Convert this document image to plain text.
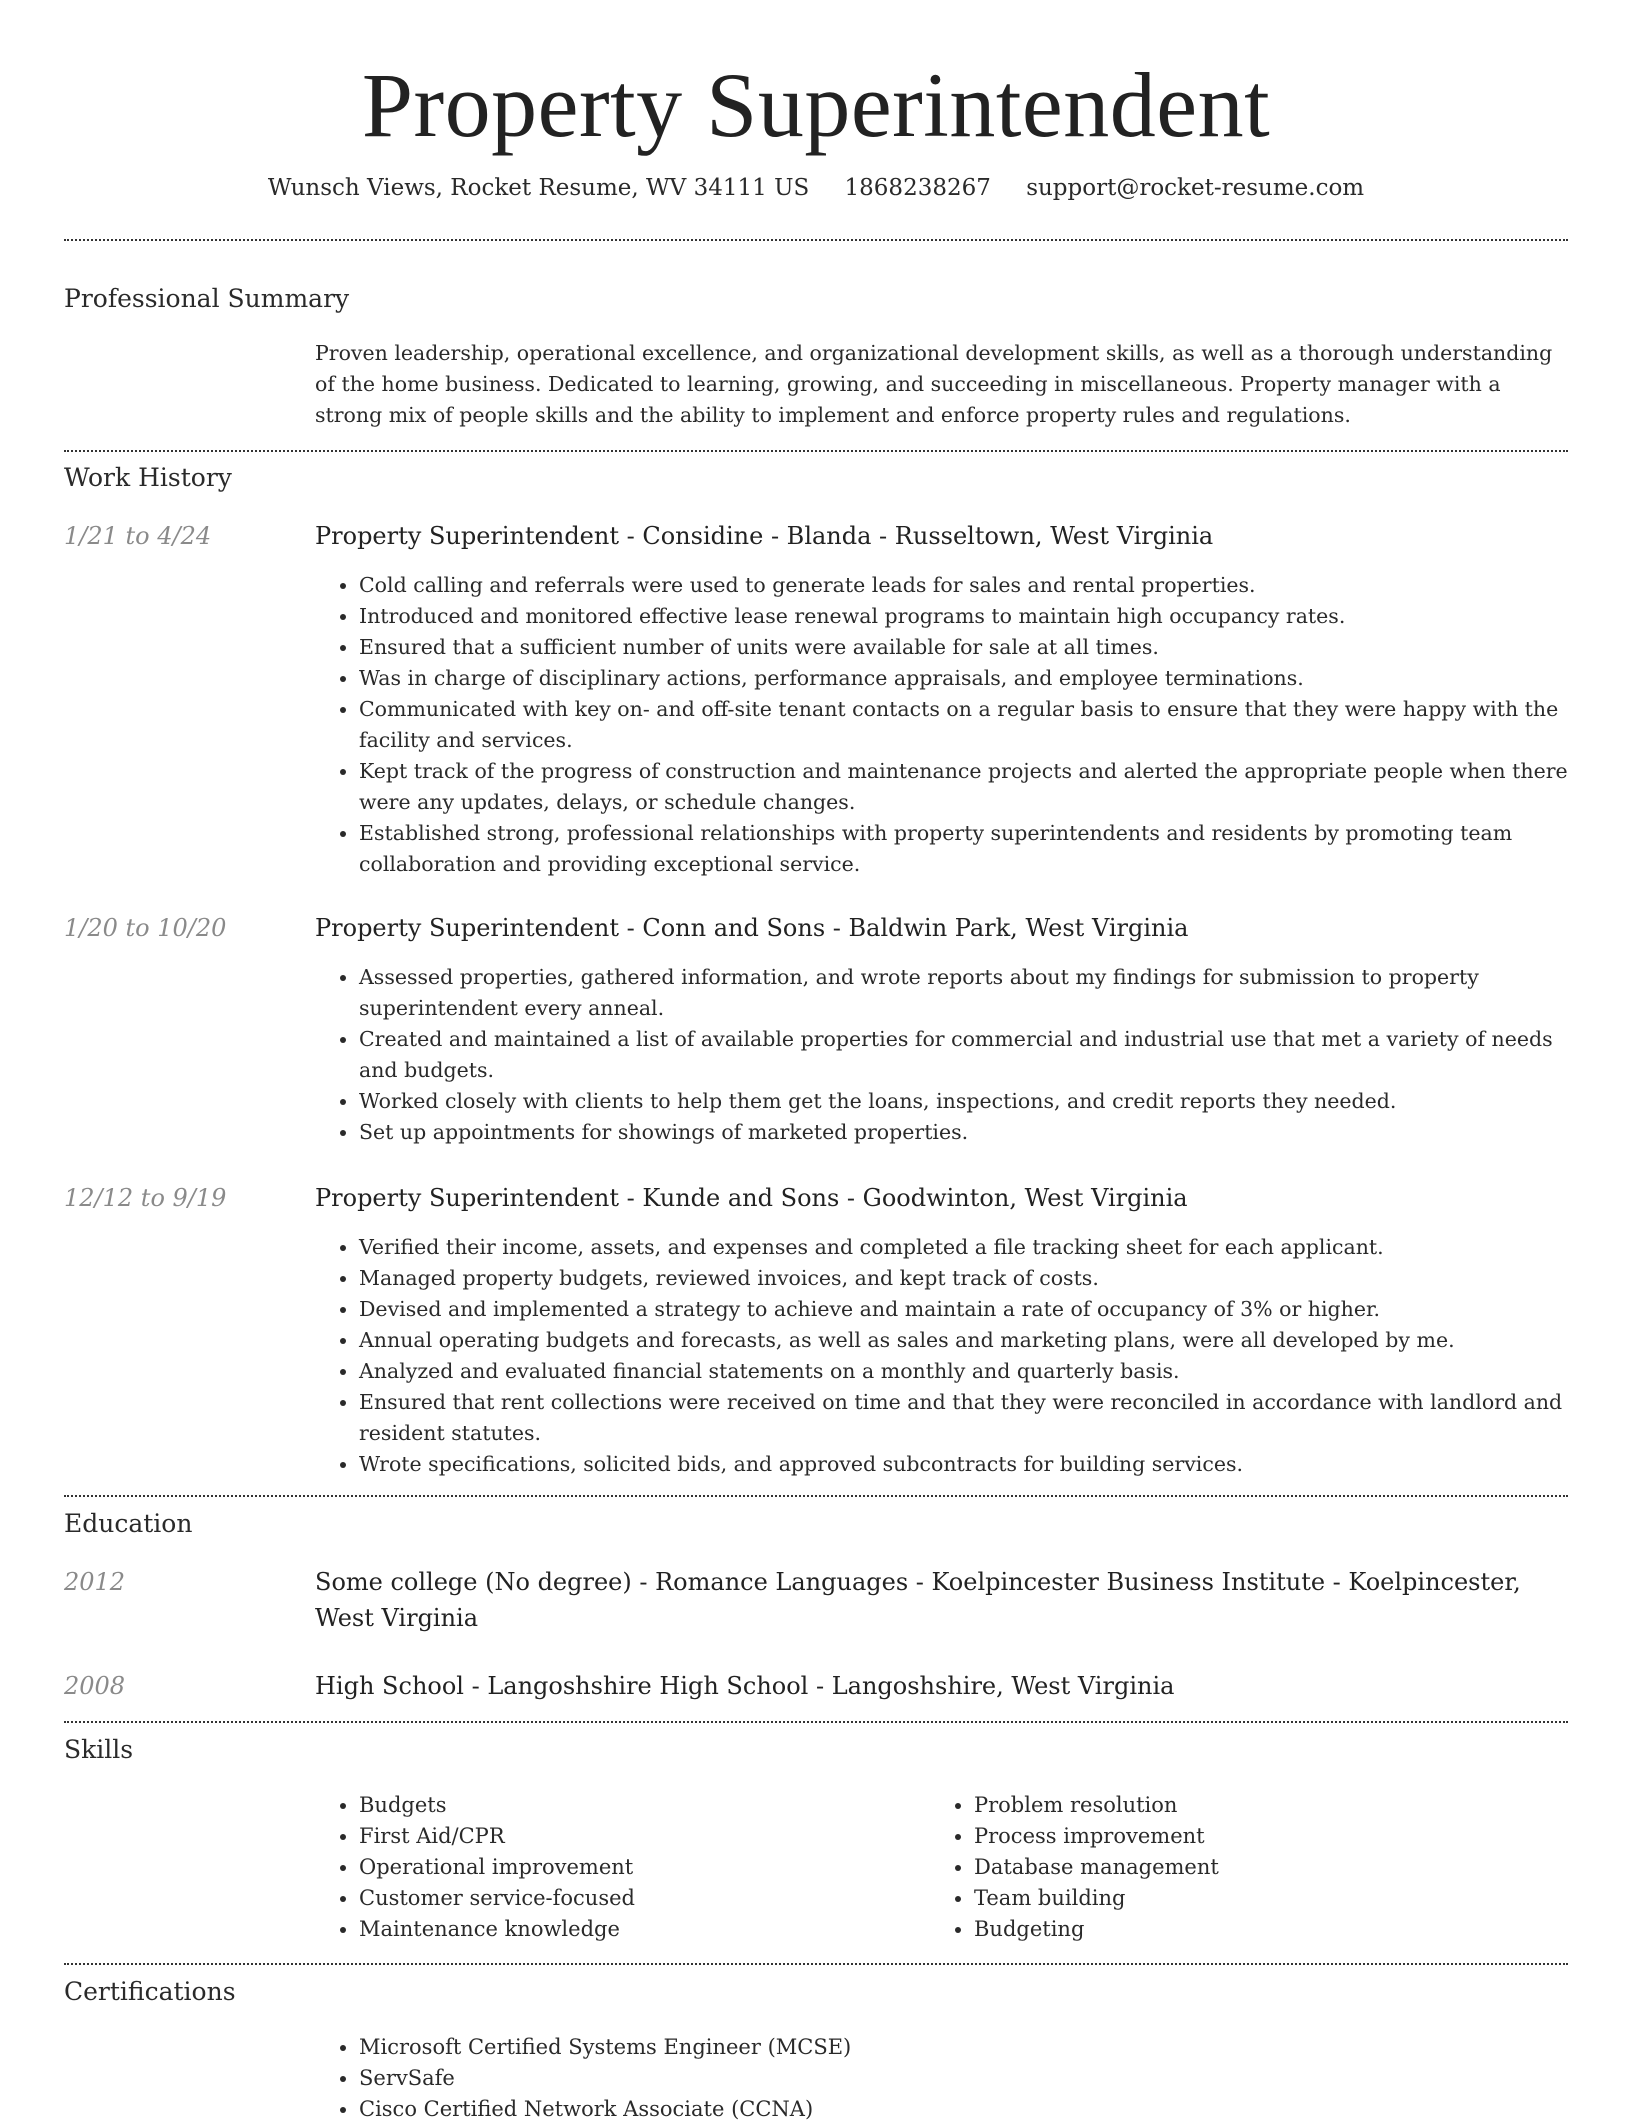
Property Superintendent
Wunsch Views, Rocket Resume, WV 34111 US 1868238267 support@rocket-resume.com
Professional Summary
Proven leadership, operational excellence, and organizational development skills, as well as a thorough understanding of the home business. Dedicated to learning, growing, and succeeding in miscellaneous. Property manager with a strong mix of people skills and the ability to implement and enforce property rules and regulations.
Work History
1/21 to 4/24	Property Superintendent - Considine - Blanda - Russeltown, West Virginia
• Cold calling and referrals were used to generate leads for sales and rental properties.
• Introduced and monitored effective lease renewal programs to maintain high occupancy rates.
• Ensured that a sufficient number of units were available for sale at all times.
• Was in charge of disciplinary actions, performance appraisals, and employee terminations.
• Communicated with key on- and off-site tenant contacts on a regular basis to ensure that they were happy with the facility and services.
• Kept track of the progress of construction and maintenance projects and alerted the appropriate people when there were any updates, delays, or schedule changes.
• Established strong, professional relationships with property superintendents and residents by promoting team collaboration and providing exceptional service.
1/20 to 10/20	Property Superintendent - Conn and Sons - Baldwin Park, West Virginia
• Assessed properties, gathered information, and wrote reports about my findings for submission to property superintendent every anneal.
• Created and maintained a list of available properties for commercial and industrial use that met a variety of needs and budgets.
• Worked closely with clients to help them get the loans, inspections, and credit reports they needed.
• Set up appointments for showings of marketed properties.
12/12 to 9/19	Property Superintendent - Kunde and Sons - Goodwinton, West Virginia
• Verified their income, assets, and expenses and completed a file tracking sheet for each applicant.
• Managed property budgets, reviewed invoices, and kept track of costs.
• Devised and implemented a strategy to achieve and maintain a rate of occupancy of 3% or higher.
• Annual operating budgets and forecasts, as well as sales and marketing plans, were all developed by me.
• Analyzed and evaluated financial statements on a monthly and quarterly basis.
• Ensured that rent collections were received on time and that they were reconciled in accordance with landlord and resident statutes.
• Wrote specifications, solicited bids, and approved subcontracts for building services.
Education
2012	Some college (No degree) - Romance Languages - Koelpincester Business Institute - Koelpincester, West Virginia
2008	High School - Langoshshire High School - Langoshshire, West Virginia
Skills
• Budgets
• First Aid/CPR
• Operational improvement
• Customer service-focused
• Maintenance knowledge
• Problem resolution
• Process improvement
• Database management
• Team building
• Budgeting
Certifications
• Microsoft Certified Systems Engineer (MCSE)
• ServSafe
• Cisco Certified Network Associate (CCNA)
